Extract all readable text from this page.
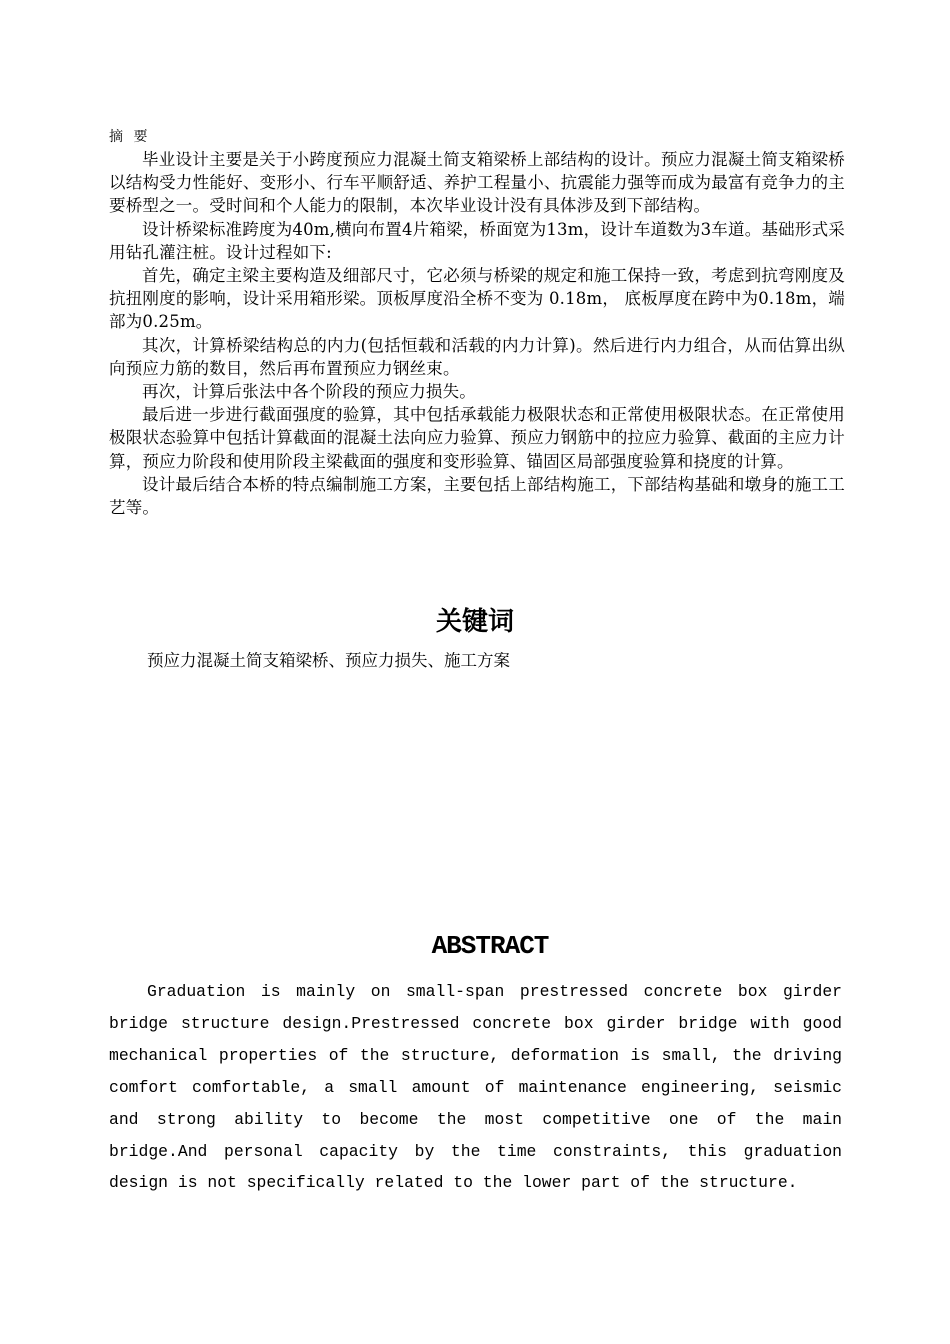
摘 要

毕业设计主要是关于小跨度预应力混凝土简支箱梁桥上部结构的设计。预应力混凝土简支箱梁桥以结构受力性能好、变形小、行车平顺舒适、养护工程量小、抗震能力强等而成为最富有竞争力的主要桥型之一。受时间和个人能力的限制，本次毕业设计没有具体涉及到下部结构。

设计桥梁标准跨度为40m,横向布置4片箱梁，桥面宽为13m，设计车道数为3车道。基础形式采用钻孔灌注桩。设计过程如下:

首先，确定主梁主要构造及细部尺寸，它必须与桥梁的规定和施工保持一致，考虑到抗弯刚度及抗扭刚度的影响，设计采用箱形梁。顶板厚度沿全桥不变为 0.18m， 底板厚度在跨中为0.18m，端部为0.25m。

其次，计算桥梁结构总的内力(包括恒载和活载的内力计算)。然后进行内力组合，从而估算出纵向预应力筋的数目，然后再布置预应力钢丝束。

再次，计算后张法中各个阶段的预应力损失。

最后进一步进行截面强度的验算，其中包括承载能力极限状态和正常使用极限状态。在正常使用极限状态验算中包括计算截面的混凝土法向应力验算、预应力钢筋中的拉应力验算、截面的主应力计算，预应力阶段和使用阶段主梁截面的强度和变形验算、锚固区局部强度验算和挠度的计算。

设计最后结合本桥的特点编制施工方案，主要包括上部结构施工，下部结构基础和墩身的施工工艺等。

关键词

预应力混凝土简支箱梁桥、预应力损失、施工方案

ABSTRACT

Graduation is mainly on small-span prestressed concrete box girder bridge structure design.Prestressed concrete box girder bridge with good mechanical properties of the structure, deformation is small, the driving comfort comfortable, a small amount of maintenance engineering, seismic and strong ability to become the most competitive one of the main bridge.And personal capacity by the time constraints, this graduation design is not specifically related to the lower part of the structure.
